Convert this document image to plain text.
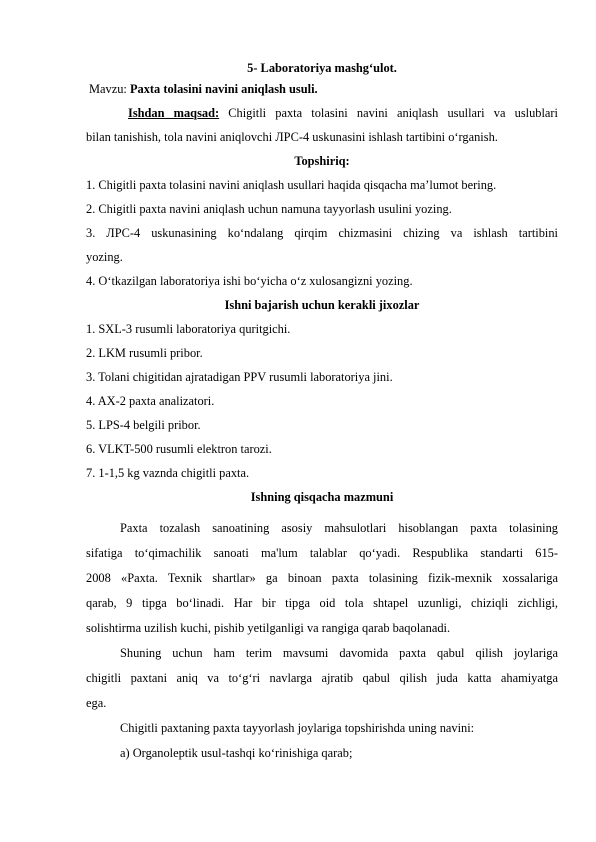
5- Laboratoriya mashg‘ulot.
Mavzu: Paxta tolasini navini aniqlash usuli.
Ishdan maqsad: Chigitli paxta tolasini navini aniqlash usullari va uslublari
bilan tanishish, tola navini aniqlovchi ЛPC-4 uskunasini ishlash tartibini o‘rganish.
Topshiriq:
1. Chigitli paxta tolasini navini aniqlash usullari haqida qisqacha ma’lumot bering.
2. Chigitli paxta navini aniqlash uchun namuna tayyorlash usulini yozing.
3. ЛPC-4 uskunasining ko‘ndalang qirqim chizmasini chizing va ishlash tartibini
yozing.
4. O‘tkazilgan laboratoriya ishi bo‘yicha o‘z xulosangizni yozing.
Ishni bajarish uchun kerakli jixozlar
1. SXL-3 rusumli laboratoriya quritgichi.
2. LKM rusumli pribor.
3. Tolani chigitidan ajratadigan PPV rusumli laboratoriya jini.
4. AX-2 paxta analizatori.
5. LPS-4 belgili pribor.
6. VLKT-500 rusumli elektron tarozi.
7. 1-1,5 kg vaznda chigitli paxta.
Ishning qisqacha mazmuni
Paxta tozalash sanoatining asosiy mahsulotlari hisoblangan paxta tolasining
sifatiga to‘qimachilik sanoati ma'lum talablar qo‘yadi. Respublika standarti 615-
2008 «Paxta. Texnik shartlar» ga binoan paxta tolasining fizik-mexnik xossalariga
qarab, 9 tipga bo‘linadi. Har bir tipga oid tola shtapel uzunligi, chiziqli zichligi,
solishtirma uzilish kuchi, pishib yetilganligi va rangiga qarab baqolanadi.
Shuning uchun ham terim mavsumi davomida paxta qabul qilish joylariga
chigitli paxtani aniq va to‘g‘ri navlarga ajratib qabul qilish juda katta ahamiyatga
ega.
Chigitli paxtaning paxta tayyorlash joylariga topshirishda uning navini:
a) Organoleptik usul-tashqi ko‘rinishiga qarab;
